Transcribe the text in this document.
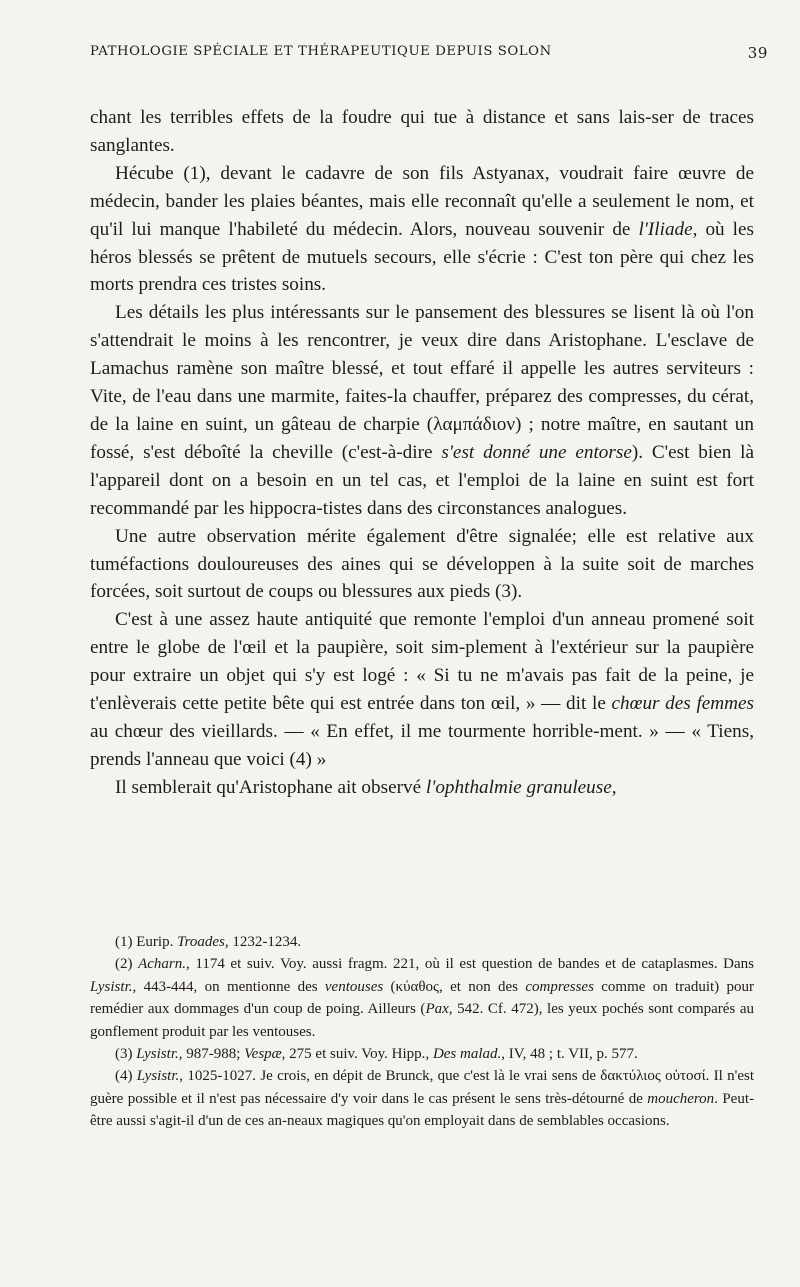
PATHOLOGIE SPÉCIALE ET THÉRAPEUTIQUE DEPUIS SOLON	39

chant les terribles effets de la foudre qui tue à distance et sans lais-ser de traces sanglantes.

Hécube (1), devant le cadavre de son fils Astyanax, voudrait faire œuvre de médecin, bander les plaies béantes, mais elle reconnaît qu'elle a seulement le nom, et qu'il lui manque l'habileté du médecin. Alors, nouveau souvenir de l'Iliade, où les héros blessés se prêtent de mutuels secours, elle s'écrie : C'est ton père qui chez les morts prendra ces tristes soins.

Les détails les plus intéressants sur le pansement des blessures se lisent là où l'on s'attendrait le moins à les rencontrer, je veux dire dans Aristophane. L'esclave de Lamachus ramène son maître blessé, et tout effaré il appelle les autres serviteurs : Vite, de l'eau dans une marmite, faites-la chauffer, préparez des compresses, du cérat, de la laine en suint, un gâteau de charpie (λαμπάδιον) ; notre maître, en sautant un fossé, s'est déboîté la cheville (c'est-à-dire s'est donné une entorse). C'est bien là l'appareil dont on a besoin en un tel cas, et l'emploi de la laine en suint est fort recommandé par les hippocra-tistes dans des circonstances analogues.

Une autre observation mérite également d'être signalée; elle est relative aux tuméfactions douloureuses des aines qui se développen à la suite soit de marches forcées, soit surtout de coups ou blessures aux pieds (3).

C'est à une assez haute antiquité que remonte l'emploi d'un anneau promené soit entre le globe de l'œil et la paupière, soit sim-plement à l'extérieur sur la paupière pour extraire un objet qui s'y est logé : « Si tu ne m'avais pas fait de la peine, je t'enlèverais cette petite bête qui est entrée dans ton œil, » — dit le chœur des femmes au chœur des vieillards. — « En effet, il me tourmente horrible-ment. » — « Tiens, prends l'anneau que voici (4) »

Il semblerait qu'Aristophane ait observé l'ophthalmie granuleuse,

(1) Eurip. Troades, 1232-1234.

(2) Acharn., 1174 et suiv. Voy. aussi fragm. 221, où il est question de bandes et de cataplasmes. Dans Lysistr., 443-444, on mentionne des ventouses (κύαθος, et non des compresses comme on traduit) pour remédier aux dommages d'un coup de poing. Ailleurs (Pax, 542. Cf. 472), les yeux pochés sont comparés au gonflement produit par les ventouses.

(3) Lysistr., 987-988; Vespæ, 275 et suiv. Voy. Hipp., Des malad., IV, 48 ; t. VII, p. 577.

(4) Lysistr., 1025-1027. Je crois, en dépit de Brunck, que c'est là le vrai sens de δακτύλιος οὑτοσί. Il n'est guère possible et il n'est pas nécessaire d'y voir dans le cas présent le sens très-détourné de moucheron. Peut-être aussi s'agit-il d'un de ces an-neaux magiques qu'on employait dans de semblables occasions.
